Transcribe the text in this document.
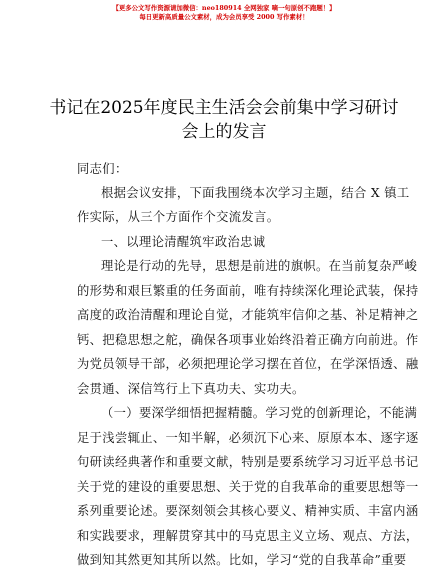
【更多公文写作资源请加微信：neo180914 全网独家 嘀一句原创不跑题！】
每日更新高质量公文素材，成为会员享受 2000 写作素材！
书记在2025年度民主生活会会前集中学习研讨
会上的发言
同志们：
根据会议安排，下面我围绕本次学习主题，结合 X 镇工
作实际，从三个方面作个交流发言。
一、以理论清醒筑牢政治忠诚
理论是行动的先导，思想是前进的旗帜。在当前复杂严峻
的形势和艰巨繁重的任务面前，唯有持续深化理论武装，保持
高度的政治清醒和理论自觉，才能筑牢信仰之基、补足精神之
钙、把稳思想之舵，确保各项事业始终沿着正确方向前进。作
为党员领导干部，必须把理论学习摆在首位，在学深悟透、融
会贯通、深信笃行上下真功夫、实功夫。
（一）要深学细悟把握精髓。学习党的创新理论，不能满
足于浅尝辄止、一知半解，必须沉下心来、原原本本、逐字逐
句研读经典著作和重要文献，特别是要系统学习习近平总书记
关于党的建设的重要思想、关于党的自我革命的重要思想等一
系列重要论述。要深刻领会其核心要义、精神实质、丰富内涵
和实践要求，理解贯穿其中的马克思主义立场、观点、方法，
做到知其然更知其所以然。比如，学习“党的自我革命”重要
